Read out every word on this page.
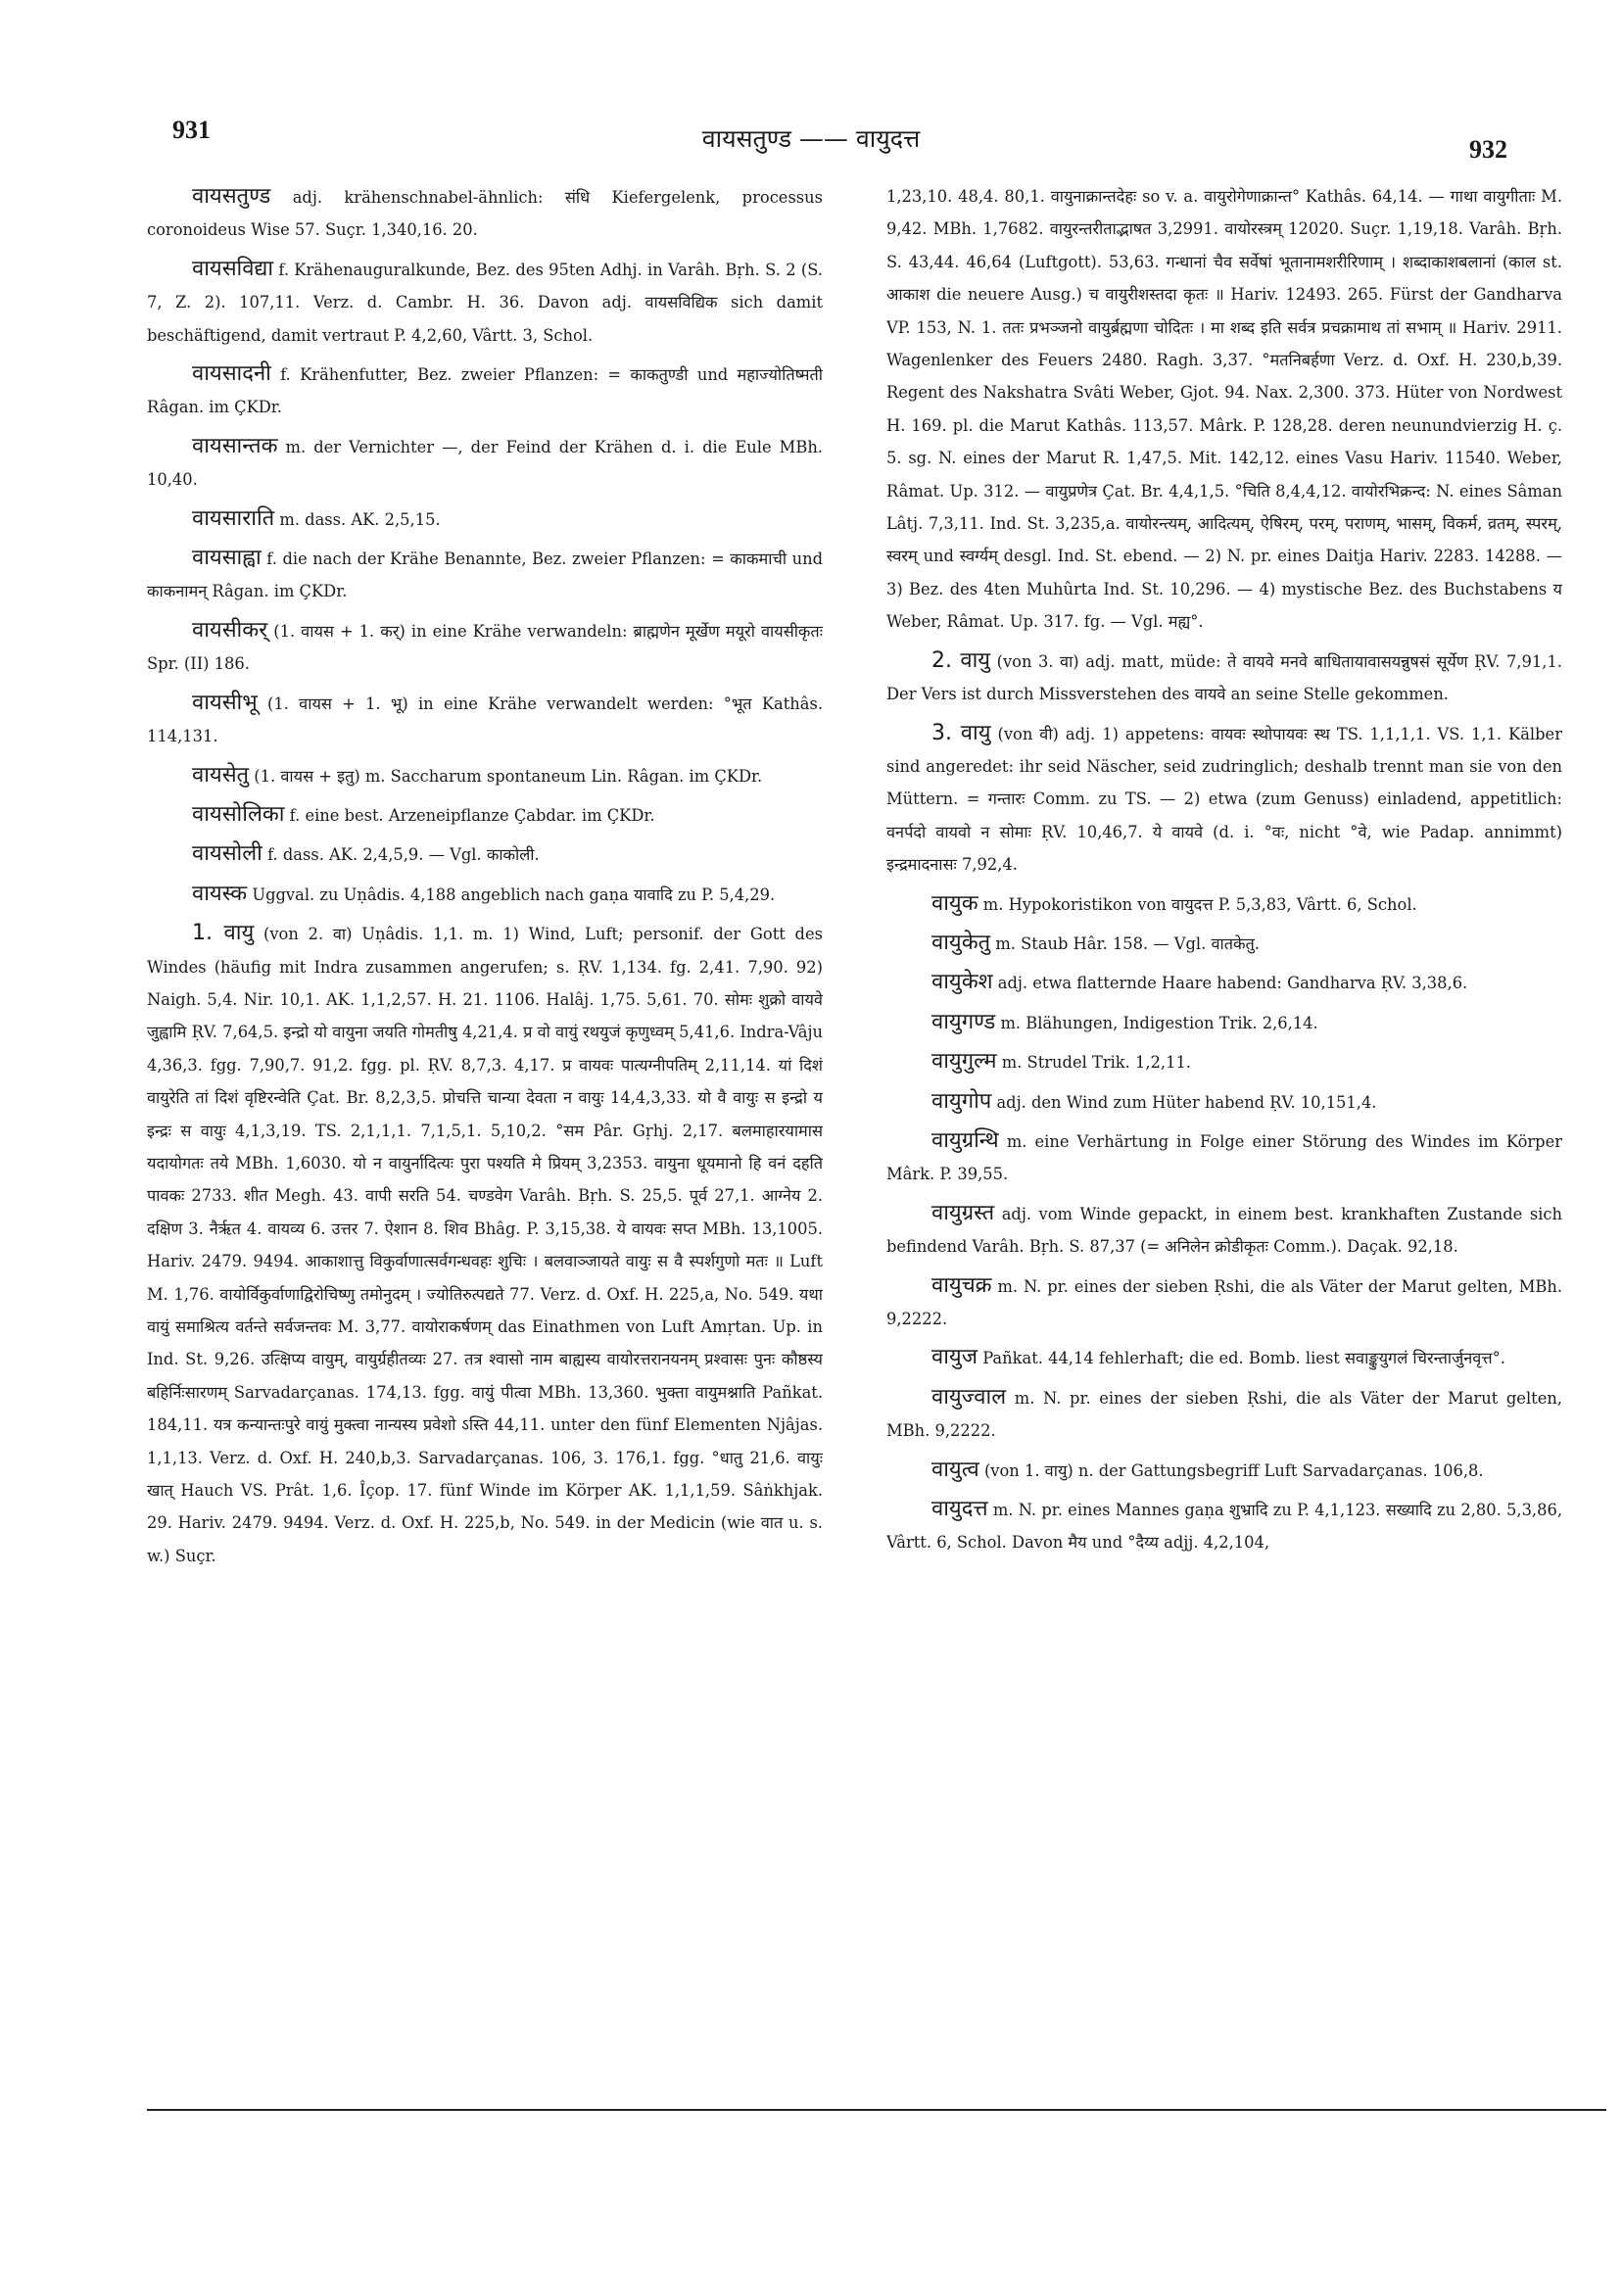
931	वायसतुण्ड —— वायुदत्त	932

वायसतुण्ड adj. krähenschnabel-ähnlich: संधि Kiefergelenk, processus coronoideus Wise 57. Suçr. 1,340,16. 20.

वायसविद्या f. Krähenauguralkunde, Bez. des 95ten Adhj. in Varâh. Bṛh. S. 2 (S. 7, Z. 2). 107,11. Verz. d. Cambr. H. 36. Davon adj. वायसविद्यिक sich damit beschäftigend, damit vertraut P. 4,2,60, Vârtt. 3, Schol.

वायसादनी f. Krähenfutter, Bez. zweier Pflanzen: = काकतुण्डी und महाज्योतिष्मती Râgan. im ÇKDr.

वायसान्तक m. der Vernichter —, der Feind der Krähen d. i. die Eule MBh. 10,40.

वायसाराति m. dass. AK. 2,5,15.

वायसाह्वा f. die nach der Krähe Benannte, Bez. zweier Pflanzen: = काकमाची und काकनामन् Râgan. im ÇKDr.

वायसीकर् (1. वायस + 1. कर्) in eine Krähe verwandeln: ब्राह्मणेन मूर्खेण मयूरो वायसीकृतः Spr. (II) 186.

वायसीभू (1. वायस + 1. भू) in eine Krähe verwandelt werden: °भूत Kathâs. 114,131.

वायसेतु (1. वायस + इतु) m. Saccharum spontaneum Lin. Râgan. im ÇKDr.

वायसोलिका f. eine best. Arzeneipflanze Çabdar. im ÇKDr.

वायसोली f. dass. AK. 2,4,5,9. — Vgl. काकोली.

वायस्क Uggval. zu Uṇâdis. 4,188 angeblich nach gaṇa यावादि zu P. 5,4,29.

1. वायु (von 2. वा) Uṇâdis. 1,1. m. 1) Wind, Luft; personif. der Gott des Windes (häufig mit Indra zusammen angerufen; s. ṚV. 1,134. fg. 2,41. 7,90. 92) Naigh. 5,4. Nir. 10,1. AK. 1,1,2,57. H. 21. 1106. Halâj. 1,75. 5,61. 70. सोमः शुक्रो वायवे जुह्वामि ṚV. 7,64,5. इन्द्रो यो वायुना जयति गोमतीषु 4,21,4. प्र वो वायुं रथयुजं कृणुध्वम् 5,41,6. Indra-Vâju 4,36,3. fgg. 7,90,7. 91,2. fgg. pl. ṚV. 8,7,3. 4,17. प्र वायवः पात्यग्नीपतिम् 2,11,14. यां दिशं वायुरेति तां दिशं वृष्टिरन्वेति Çat. Br. 8,2,3,5. प्रोचत्ति चान्या देवता न वायुः 14,4,3,33. यो वै वायुः स इन्द्रो य इन्द्रः स वायुः 4,1,3,19. TS. 2,1,1,1. 7,1,5,1. 5,10,2. °सम Pâr. Gṛhj. 2,17. बलमाहारयामास यदायोगतः तये MBh. 1,6030. यो न वायुर्नादित्यः पुरा पश्यति मे प्रियम् 3,2353. वायुना धूयमानो हि वनं दहति पावकः 2733. शीत Megh. 43. वापी सरति 54. चण्डवेग Varâh. Bṛh. S. 25,5. पूर्व 27,1. आग्नेय 2. दक्षिण 3. नैर्ऋत 4. वायव्य 6. उत्तर 7. ऐशान 8. शिव Bhâg. P. 3,15,38. ये वायवः सप्त MBh. 13,1005. Hariv. 2479. 9494. आकाशात्तु विकुर्वाणात्सर्वगन्धवहः शुचिः । बलवाञ्जायते वायुः स वै स्पर्शगुणो मतः ॥ Luft M. 1,76. वायोर्विकुर्वाणाद्विरोचिष्णु तमोनुदम् । ज्योतिरुत्पद्यते 77. Verz. d. Oxf. H. 225,a, No. 549. यथा वायुं समाश्रित्य वर्तन्ते सर्वजन्तवः M. 3,77. वायोराकर्षणम् das Einathmen von Luft Amṛtan. Up. in Ind. St. 9,26. उत्क्षिप्य वायुम्, वायुर्ग्रहीतव्यः 27. तत्र श्वासो नाम बाह्यस्य वायोरत्तरानयनम् प्रश्वासः पुनः कौष्ठस्य बहिर्निःसारणम् Sarvadarçanas. 174,13. fgg. वायुं पीत्वा MBh. 13,360. भुक्ता वायुमश्नाति Pañkat. 184,11. यत्र कन्यान्तःपुरे वायुं मुक्त्वा नान्यस्य प्रवेशो ऽस्ति 44,11. unter den fünf Elementen Njâjas. 1,1,13. Verz. d. Oxf. H. 240,b,3. Sarvadarçanas. 106, 3. 176,1. fgg. °धातु 21,6. वायुः खात् Hauch VS. Prât. 1,6. Îçop. 17. fünf Winde im Körper AK. 1,1,1,59. Sâṅkhjak. 29. Hariv. 2479. 9494. Verz. d. Oxf. H. 225,b, No. 549. in der Medicin (wie वात u. s. w.) Suçr.

1,23,10. 48,4. 80,1. वायुनाक्रान्तदेहः so v. a. वायुरोगेणाक्रान्त° Kathâs. 64,14. — गाथा वायुगीताः M. 9,42. MBh. 1,7682. वायुरन्तरीताद्भाषत 3,2991. वायोरस्त्रम् 12020. Suçr. 1,19,18. Varâh. Bṛh. S. 43,44. 46,64 (Luftgott). 53,63. गन्धानां चैव सर्वेषां भूतानामशरीरिणाम् । शब्दाकाशबलानां (काल st. आकाश die neuere Ausg.) च वायुरीशस्तदा कृतः ॥ Hariv. 12493. 265. Fürst der Gandharva VP. 153, N. 1. ततः प्रभञ्जनो वायुर्ब्रह्मणा चोदितः । मा शब्द इति सर्वत्र प्रचक्रामाथ तां सभाम् ॥ Hariv. 2911. Wagenlenker des Feuers 2480. Ragh. 3,37. °मतनिबर्हणा Verz. d. Oxf. H. 230,b,39. Regent des Nakshatra Svâti Weber, Gjot. 94. Nax. 2,300. 373. Hüter von Nordwest H. 169. pl. die Marut Kathâs. 113,57. Mârk. P. 128,28. deren neunundvierzig H. ç. 5. sg. N. eines der Marut R. 1,47,5. Mit. 142,12. eines Vasu Hariv. 11540. Weber, Râmat. Up. 312. — वायुप्रणेत्र Çat. Br. 4,4,1,5. °चिति 8,4,4,12. वायोरभिक्रन्द: N. eines Sâman Lâtj. 7,3,11. Ind. St. 3,235,a. वायोरन्त्यम्, आदित्यम्, ऐषिरम्, परम्, पराणम्, भासम्, विकर्म, व्रतम्, स्परम्, स्वरम् und स्वर्ग्यम् desgl. Ind. St. ebend. — 2) N. pr. eines Daitja Hariv. 2283. 14288. — 3) Bez. des 4ten Muhûrta Ind. St. 10,296. — 4) mystische Bez. des Buchstabens य Weber, Râmat. Up. 317. fg. — Vgl. मह्य°.

2. वायु (von 3. वा) adj. matt, müde: ते वायवे मनवे बाधितायावासयन्नुषसं सूर्येण ṚV. 7,91,1. Der Vers ist durch Missverstehen des वायवे an seine Stelle gekommen.

3. वायु (von वी) adj. 1) appetens: वायवः स्थोपायवः स्थ TS. 1,1,1,1. VS. 1,1. Kälber sind angeredet: ihr seid Näscher, seid zudringlich; deshalb trennt man sie von den Müttern. = गन्तारः Comm. zu TS. — 2) etwa (zum Genuss) einladend, appetitlich: वनर्पदो वायवो न सोमाः ṚV. 10,46,7. ये वायवे (d. i. °वः, nicht °वे, wie Padap. annimmt) इन्द्रमादनासः 7,92,4.

वायुक m. Hypokoristikon von वायुदत्त P. 5,3,83, Vârtt. 6, Schol.

वायुकेतु m. Staub Hâr. 158. — Vgl. वातकेतु.

वायुकेश adj. etwa flatternde Haare habend: Gandharva ṚV. 3,38,6.

वायुगण्ड m. Blähungen, Indigestion Trik. 2,6,14.

वायुगुल्म m. Strudel Trik. 1,2,11.

वायुगोप adj. den Wind zum Hüter habend ṚV. 10,151,4.

वायुग्रन्थि m. eine Verhärtung in Folge einer Störung des Windes im Körper Mârk. P. 39,55.

वायुग्रस्त adj. vom Winde gepackt, in einem best. krankhaften Zustande sich befindend Varâh. Bṛh. S. 87,37 (= अनिलेन क्रोडीकृतः Comm.). Daçak. 92,18.

वायुचक्र m. N. pr. eines der sieben Ṛshi, die als Väter der Marut gelten, MBh. 9,2222.

वायुज Pañkat. 44,14 fehlerhaft; die ed. Bomb. liest सवाङ्कुयुगलं चिरन्तार्जुनवृत्त°.

वायुज्वाल m. N. pr. eines der sieben Ṛshi, die als Väter der Marut gelten, MBh. 9,2222.

वायुत्व (von 1. वायु) n. der Gattungsbegriff Luft Sarvadarçanas. 106,8.

वायुदत्त m. N. pr. eines Mannes gaṇa शुभ्रादि zu P. 4,1,123. सख्यादि zu 2,80. 5,3,86, Vârtt. 6, Schol. Davon मैय und °दैय्य adjj. 4,2,104,
